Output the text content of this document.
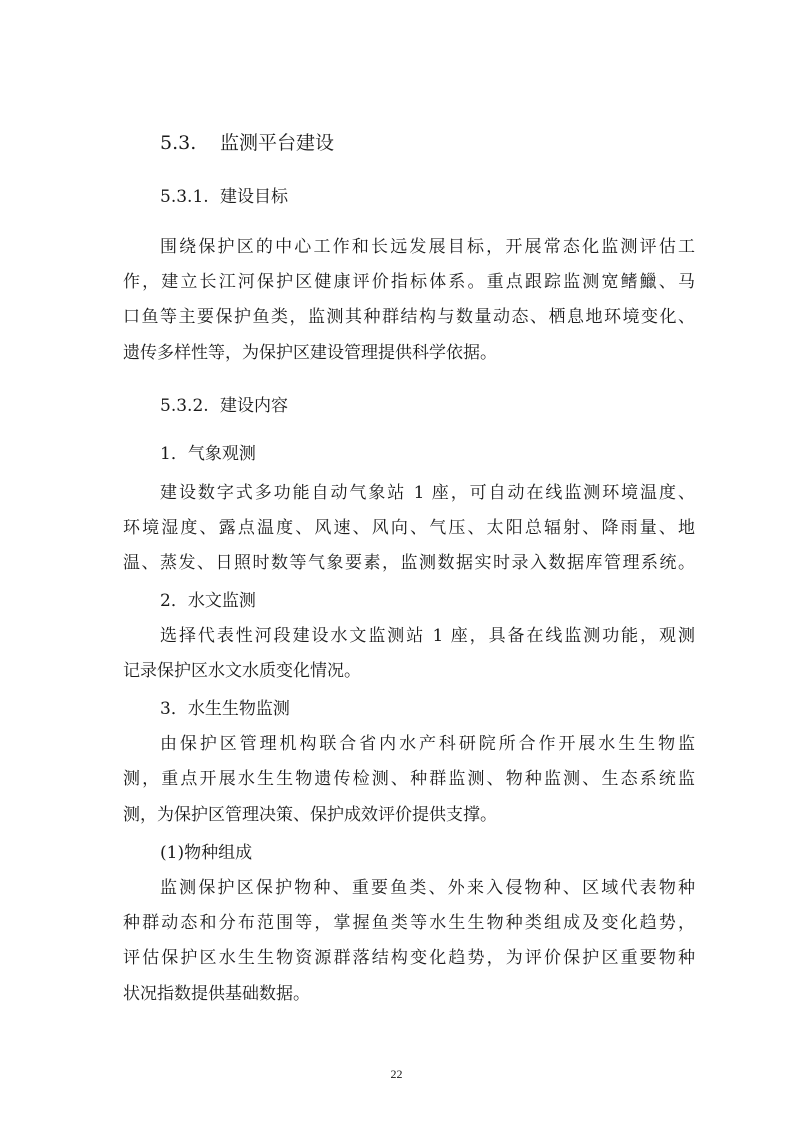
5.3. 监测平台建设
5.3.1. 建设目标
围绕保护区的中心工作和长远发展目标，开展常态化监测评估工
作，建立长江河保护区健康评价指标体系。重点跟踪监测宽鳍鱲、马
口鱼等主要保护鱼类，监测其种群结构与数量动态、栖息地环境变化、
遗传多样性等，为保护区建设管理提供科学依据。
5.3.2. 建设内容
1．气象观测
建设数字式多功能自动气象站 1 座，可自动在线监测环境温度、
环境湿度、露点温度、风速、风向、气压、太阳总辐射、降雨量、地
温、蒸发、日照时数等气象要素，监测数据实时录入数据库管理系统。
2．水文监测
选择代表性河段建设水文监测站 1 座，具备在线监测功能，观测
记录保护区水文水质变化情况。
3．水生生物监测
由保护区管理机构联合省内水产科研院所合作开展水生生物监
测，重点开展水生生物遗传检测、种群监测、物种监测、生态系统监
测，为保护区管理决策、保护成效评价提供支撑。
(1)物种组成
监测保护区保护物种、重要鱼类、外来入侵物种、区域代表物种
种群动态和分布范围等，掌握鱼类等水生生物种类组成及变化趋势，
评估保护区水生生物资源群落结构变化趋势，为评价保护区重要物种
状况指数提供基础数据。
22
